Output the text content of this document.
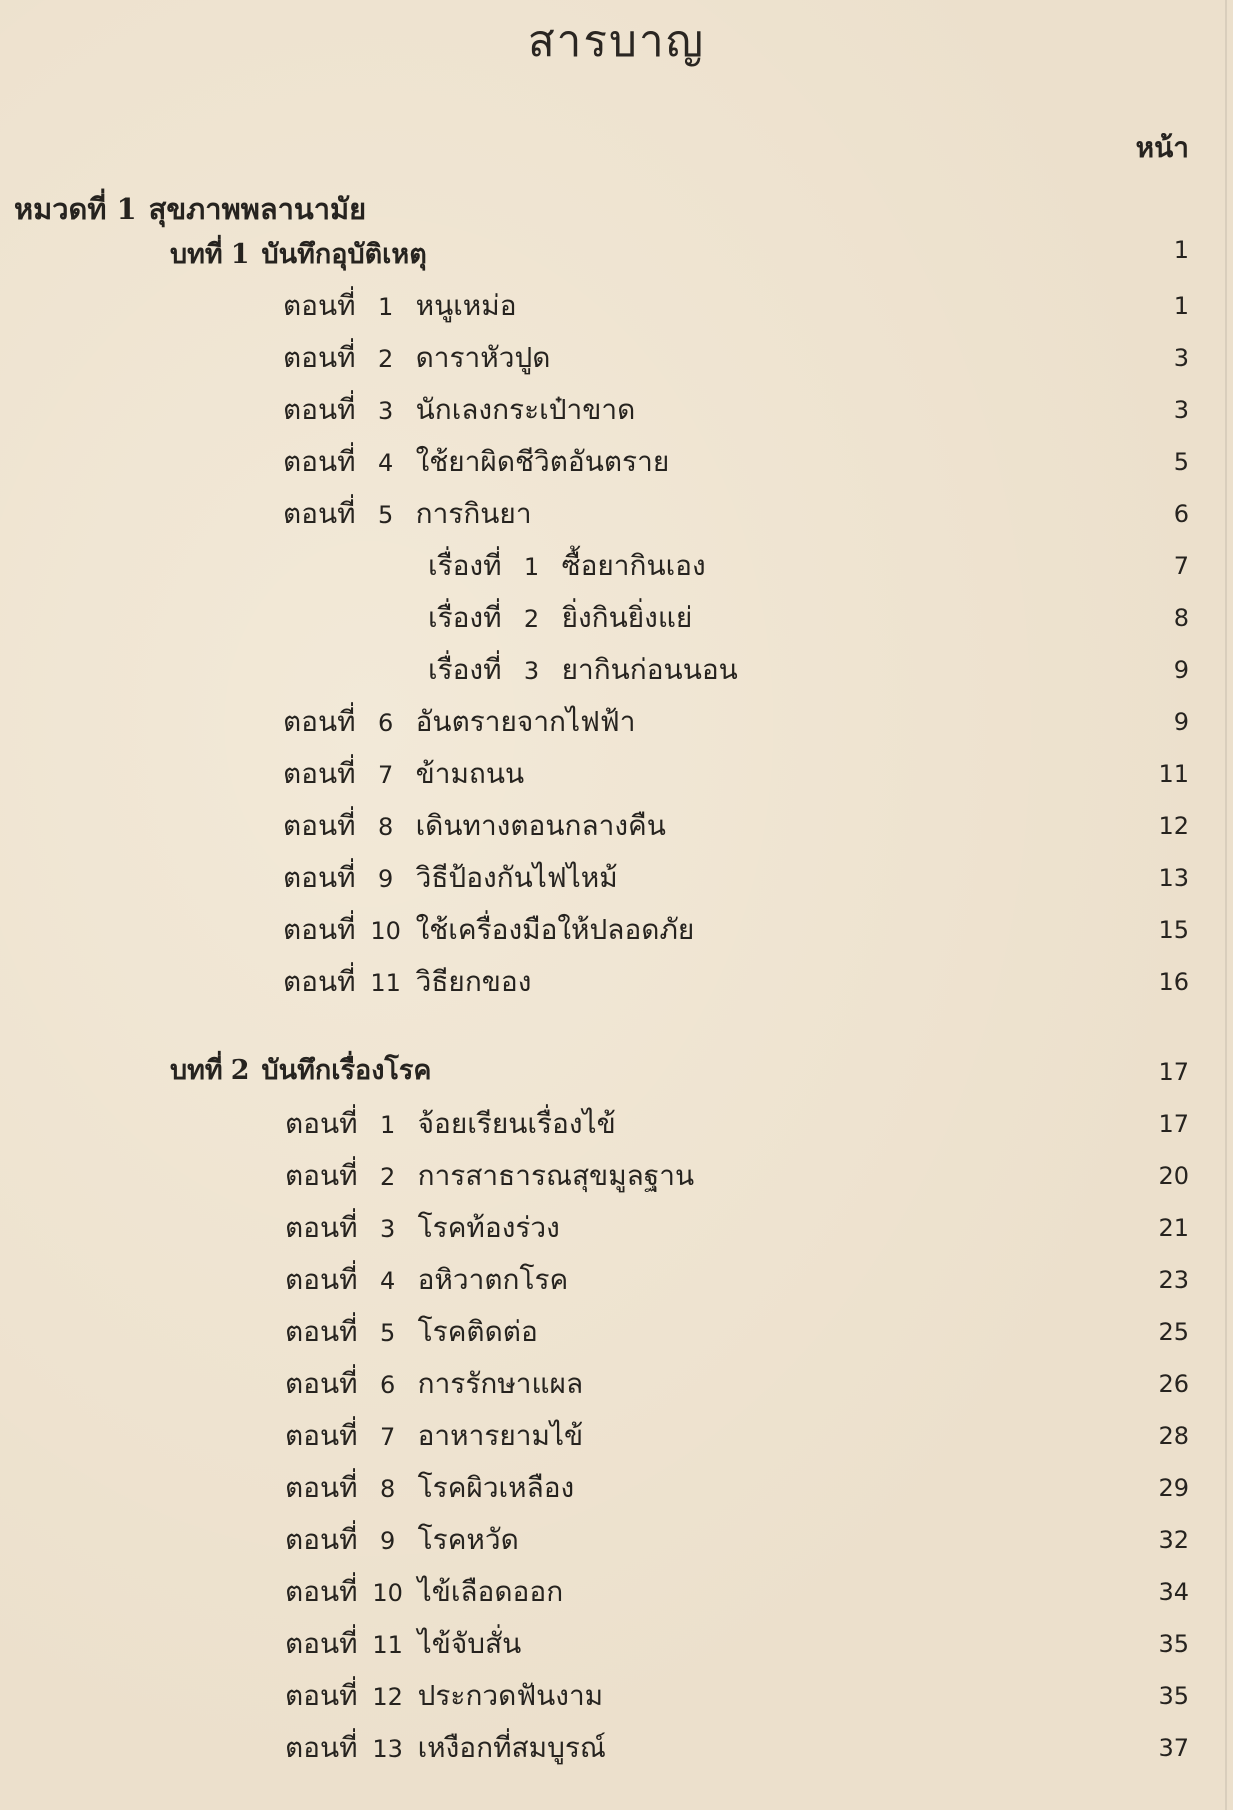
สารบาญ
หน้า
หมวดที่ 1 สุขภาพพลานามัย
บทที่ 1 บันทึกอุบัติเหตุ	1
ตอนที่ 1 หนูเหม่อ	1
ตอนที่ 2 ดาราหัวปูด	3
ตอนที่ 3 นักเลงกระเป๋าขาด	3
ตอนที่ 4 ใช้ยาผิดชีวิตอันตราย	5
ตอนที่ 5 การกินยา	6
เรื่องที่ 1 ซื้อยากินเอง	7
เรื่องที่ 2 ยิ่งกินยิ่งแย่	8
เรื่องที่ 3 ยากินก่อนนอน	9
ตอนที่ 6 อันตรายจากไฟฟ้า	9
ตอนที่ 7 ข้ามถนน	11
ตอนที่ 8 เดินทางตอนกลางคืน	12
ตอนที่ 9 วิธีป้องกันไฟไหม้	13
ตอนที่ 10 ใช้เครื่องมือให้ปลอดภัย	15
ตอนที่ 11 วิธียกของ	16
บทที่ 2 บันทึกเรื่องโรค	17
ตอนที่ 1 จ้อยเรียนเรื่องไข้	17
ตอนที่ 2 การสาธารณสุขมูลฐาน	20
ตอนที่ 3 โรคท้องร่วง	21
ตอนที่ 4 อหิวาตกโรค	23
ตอนที่ 5 โรคติดต่อ	25
ตอนที่ 6 การรักษาแผล	26
ตอนที่ 7 อาหารยามไข้	28
ตอนที่ 8 โรคผิวเหลือง	29
ตอนที่ 9 โรคหวัด	32
ตอนที่ 10 ไข้เลือดออก	34
ตอนที่ 11 ไข้จับสั่น	35
ตอนที่ 12 ประกวดฟันงาม	35
ตอนที่ 13 เหงือกที่สมบูรณ์	37
